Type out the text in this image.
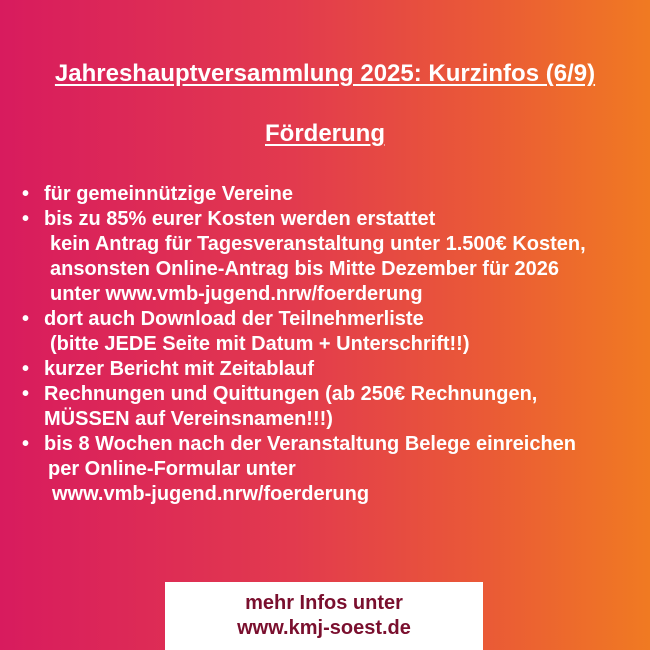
Jahreshauptversammlung 2025: Kurzinfos (6/9)
Förderung
• für gemeinnützige Vereine
• bis zu 85% eurer Kosten werden erstattet
kein Antrag für Tagesveranstaltung unter 1.500€ Kosten,
ansonsten Online-Antrag bis Mitte Dezember für 2026
unter www.vmb-jugend.nrw/foerderung
• dort auch Download der Teilnehmerliste
(bitte JEDE Seite mit Datum + Unterschrift!!)
• kurzer Bericht mit Zeitablauf
• Rechnungen und Quittungen (ab 250€ Rechnungen,
MÜSSEN auf Vereinsnamen!!!)
• bis 8 Wochen nach der Veranstaltung Belege einreichen
per Online-Formular unter
www.vmb-jugend.nrw/foerderung
mehr Infos unter
www.kmj-soest.de
